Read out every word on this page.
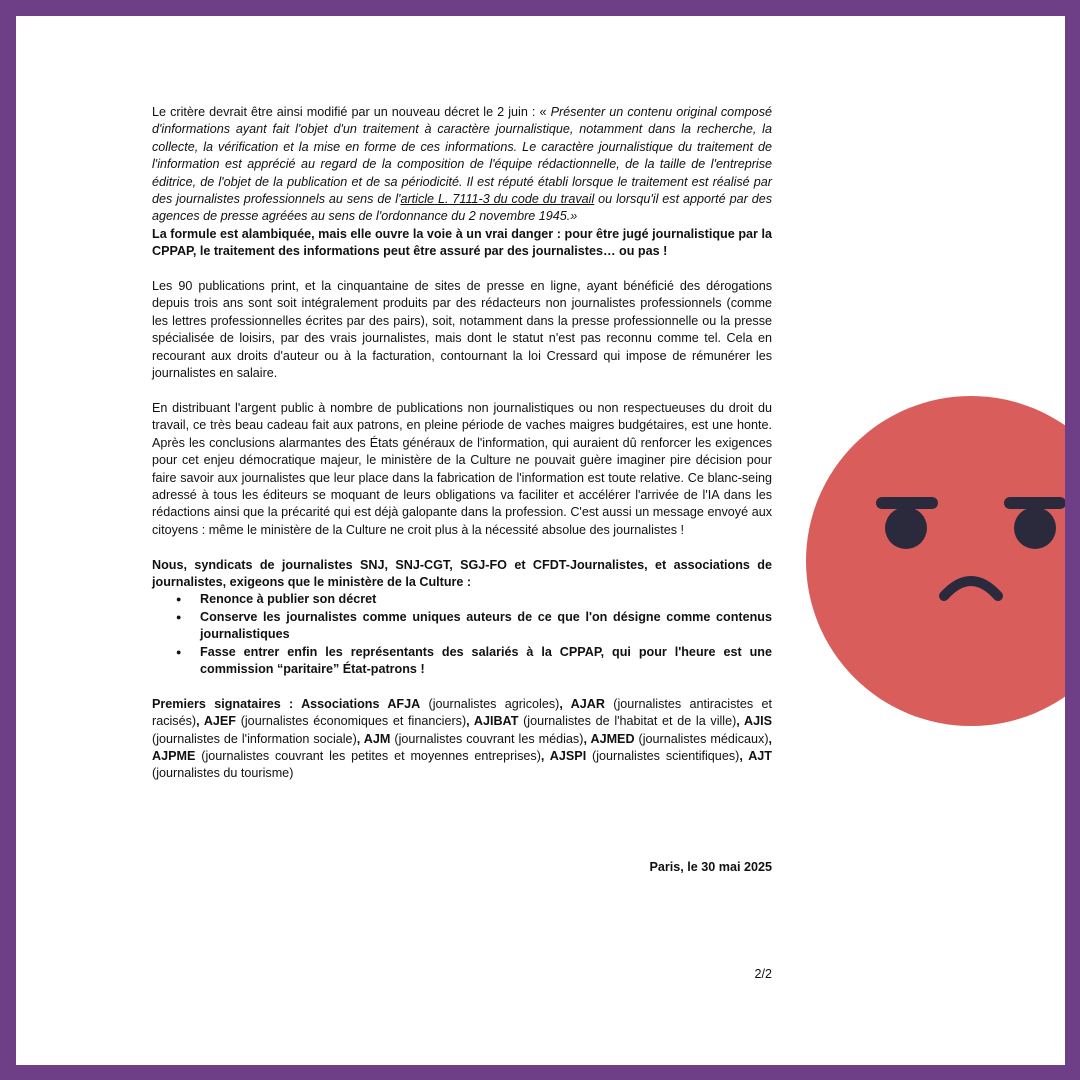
Le critère devrait être ainsi modifié par un nouveau décret le 2 juin : « Présenter un contenu original composé d'informations ayant fait l'objet d'un traitement à caractère journalistique, notamment dans la recherche, la collecte, la vérification et la mise en forme de ces informations. Le caractère journalistique du traitement de l'information est apprécié au regard de la composition de l'équipe rédactionnelle, de la taille de l'entreprise éditrice, de l'objet de la publication et de sa périodicité. Il est réputé établi lorsque le traitement est réalisé par des journalistes professionnels au sens de l'article L. 7111-3 du code du travail ou lorsqu'il est apporté par des agences de presse agréées au sens de l'ordonnance du 2 novembre 1945.»

La formule est alambiquée, mais elle ouvre la voie à un vrai danger : pour être jugé journalistique par la CPPAP, le traitement des informations peut être assuré par des journalistes… ou pas !

Les 90 publications print, et la cinquantaine de sites de presse en ligne, ayant bénéficié des dérogations depuis trois ans sont soit intégralement produits par des rédacteurs non journalistes professionnels (comme les lettres professionnelles écrites par des pairs), soit, notamment dans la presse professionnelle ou la presse spécialisée de loisirs, par des vrais journalistes, mais dont le statut n'est pas reconnu comme tel. Cela en recourant aux droits d'auteur ou à la facturation, contournant la loi Cressard qui impose de rémunérer les journalistes en salaire.

En distribuant l'argent public à nombre de publications non journalistiques ou non respectueuses du droit du travail, ce très beau cadeau fait aux patrons, en pleine période de vaches maigres budgétaires, est une honte. Après les conclusions alarmantes des États généraux de l'information, qui auraient dû renforcer les exigences pour cet enjeu démocratique majeur, le ministère de la Culture ne pouvait guère imaginer pire décision pour faire savoir aux journalistes que leur place dans la fabrication de l'information est toute relative. Ce blanc-seing adressé à tous les éditeurs se moquant de leurs obligations va faciliter et accélérer l'arrivée de l'IA dans les rédactions ainsi que la précarité qui est déjà galopante dans la profession. C'est aussi un message envoyé aux citoyens : même le ministère de la Culture ne croit plus à la nécessité absolue des journalistes !

Nous, syndicats de journalistes SNJ, SNJ-CGT, SGJ-FO et CFDT-Journalistes, et associations de journalistes, exigeons que le ministère de la Culture :

● Renonce à publier son décret
● Conserve les journalistes comme uniques auteurs de ce que l'on désigne comme contenus journalistiques
● Fasse entrer enfin les représentants des salariés à la CPPAP, qui pour l'heure est une commission “paritaire” État-patrons !

Premiers signataires : Associations AFJA (journalistes agricoles), AJAR (journalistes antiracistes et racisés), AJEF (journalistes économiques et financiers), AJIBAT (journalistes de l'habitat et de la ville), AJIS (journalistes de l'information sociale), AJM (journalistes couvrant les médias), AJMED (journalistes médicaux), AJPME (journalistes couvrant les petites et moyennes entreprises), AJSPI (journalistes scientifiques), AJT (journalistes du tourisme)

Paris, le 30 mai 2025
2/2
